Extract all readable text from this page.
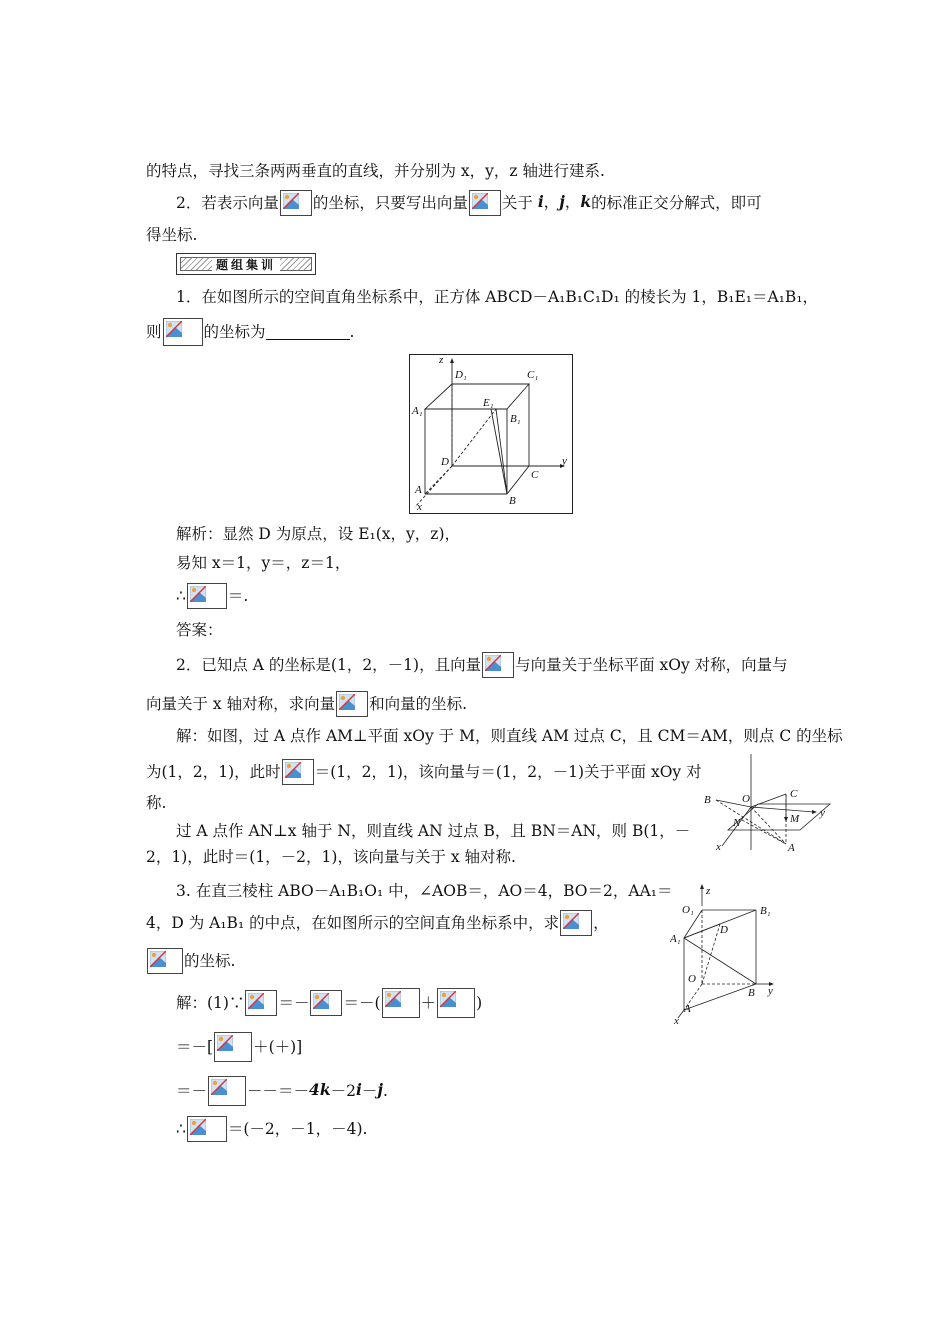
的特点，寻找三条两两垂直的直线，并分别为 x，y，z 轴进行建系.
2．若表示向量 的坐标，只要写出向量 关于 i，j，k的标准正交分解式，即可
得坐标.
题组集训
1．在如图所示的空间直角坐标系中，正方体 ABCD－A₁B₁C₁D₁ 的棱长为 1，B₁E₁＝A₁B₁，
则	的坐标为	.
z
y
x
D₁	C₁
A₁
B₁
E₁
D
C
A
B
解析：显然 D 为原点，设 E₁(x，y，z)，
易知 x＝1，y＝，z＝1，
∴	＝.
答案：
2．已知点 A 的坐标是(1，2，－1)，且向量 与向量关于坐标平面 xOy 对称，向量与
向量关于 x 轴对称，求向量 和向量的坐标.
解：如图，过 A 点作 AM⊥平面 xOy 于 M，则直线 AM 过点 C，且 CM＝AM，则点 C 的坐标
为(1，2，1)，此时 ＝(1，2，1)，该向量与＝(1，2，－1)关于平面 xOy 对
称.
过 A 点作 AN⊥x 轴于 N，则直线 AN 过点 B，且 BN＝AN，则 B(1，－
2，1)，此时＝(1，－2，1)，该向量与关于 x 轴对称.
B	O	C
M
N
A
x
y
3. 在直三棱柱 ABO－A₁B₁O₁ 中，∠AOB＝，AO＝4，BO＝2，AA₁＝
4，D 为 A₁B₁ 的中点，在如图所示的空间直角坐标系中，求 ，
的坐标.
z
O₁	B₁
D
A₁
O
B
A
x
y
解：(1)∵ ＝－ ＝－(	＋	)
＝－[	＋(＋)]
＝－	－－＝－4k－2i－j.
∴	＝(－2，－1，－4).
